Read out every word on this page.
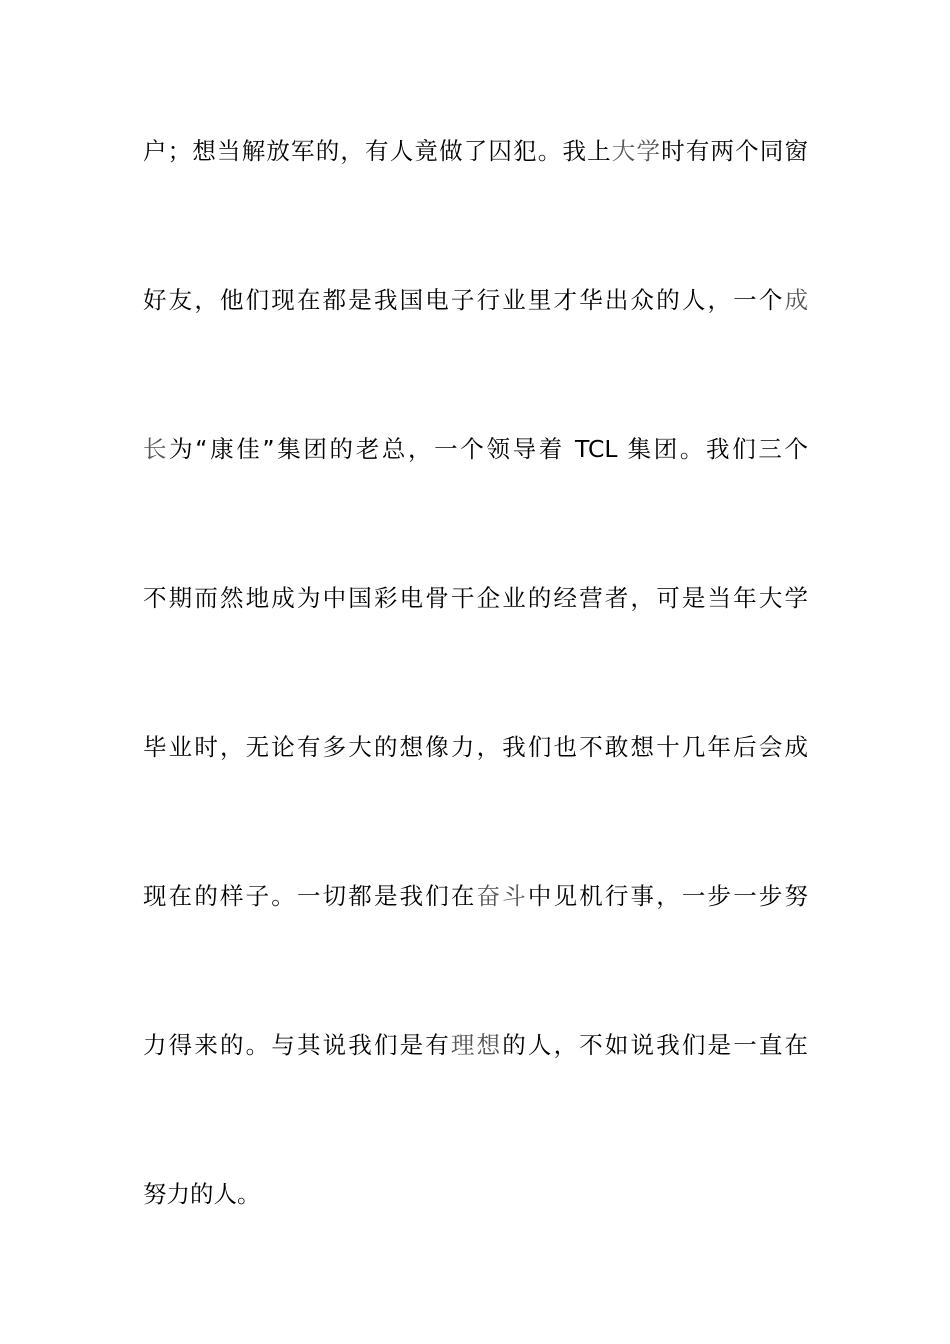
户；想当解放军的，有人竟做了囚犯。我上大学时有两个同窗
好友，他们现在都是我国电子行业里才华出众的人，一个成
长为“康佳”集团的老总，一个领导着 TCL 集团。我们三个
不期而然地成为中国彩电骨干企业的经营者，可是当年大学
毕业时，无论有多大的想像力，我们也不敢想十几年后会成
现在的样子。一切都是我们在奋斗中见机行事，一步一步努
力得来的。与其说我们是有理想的人，不如说我们是一直在
努力的人。
